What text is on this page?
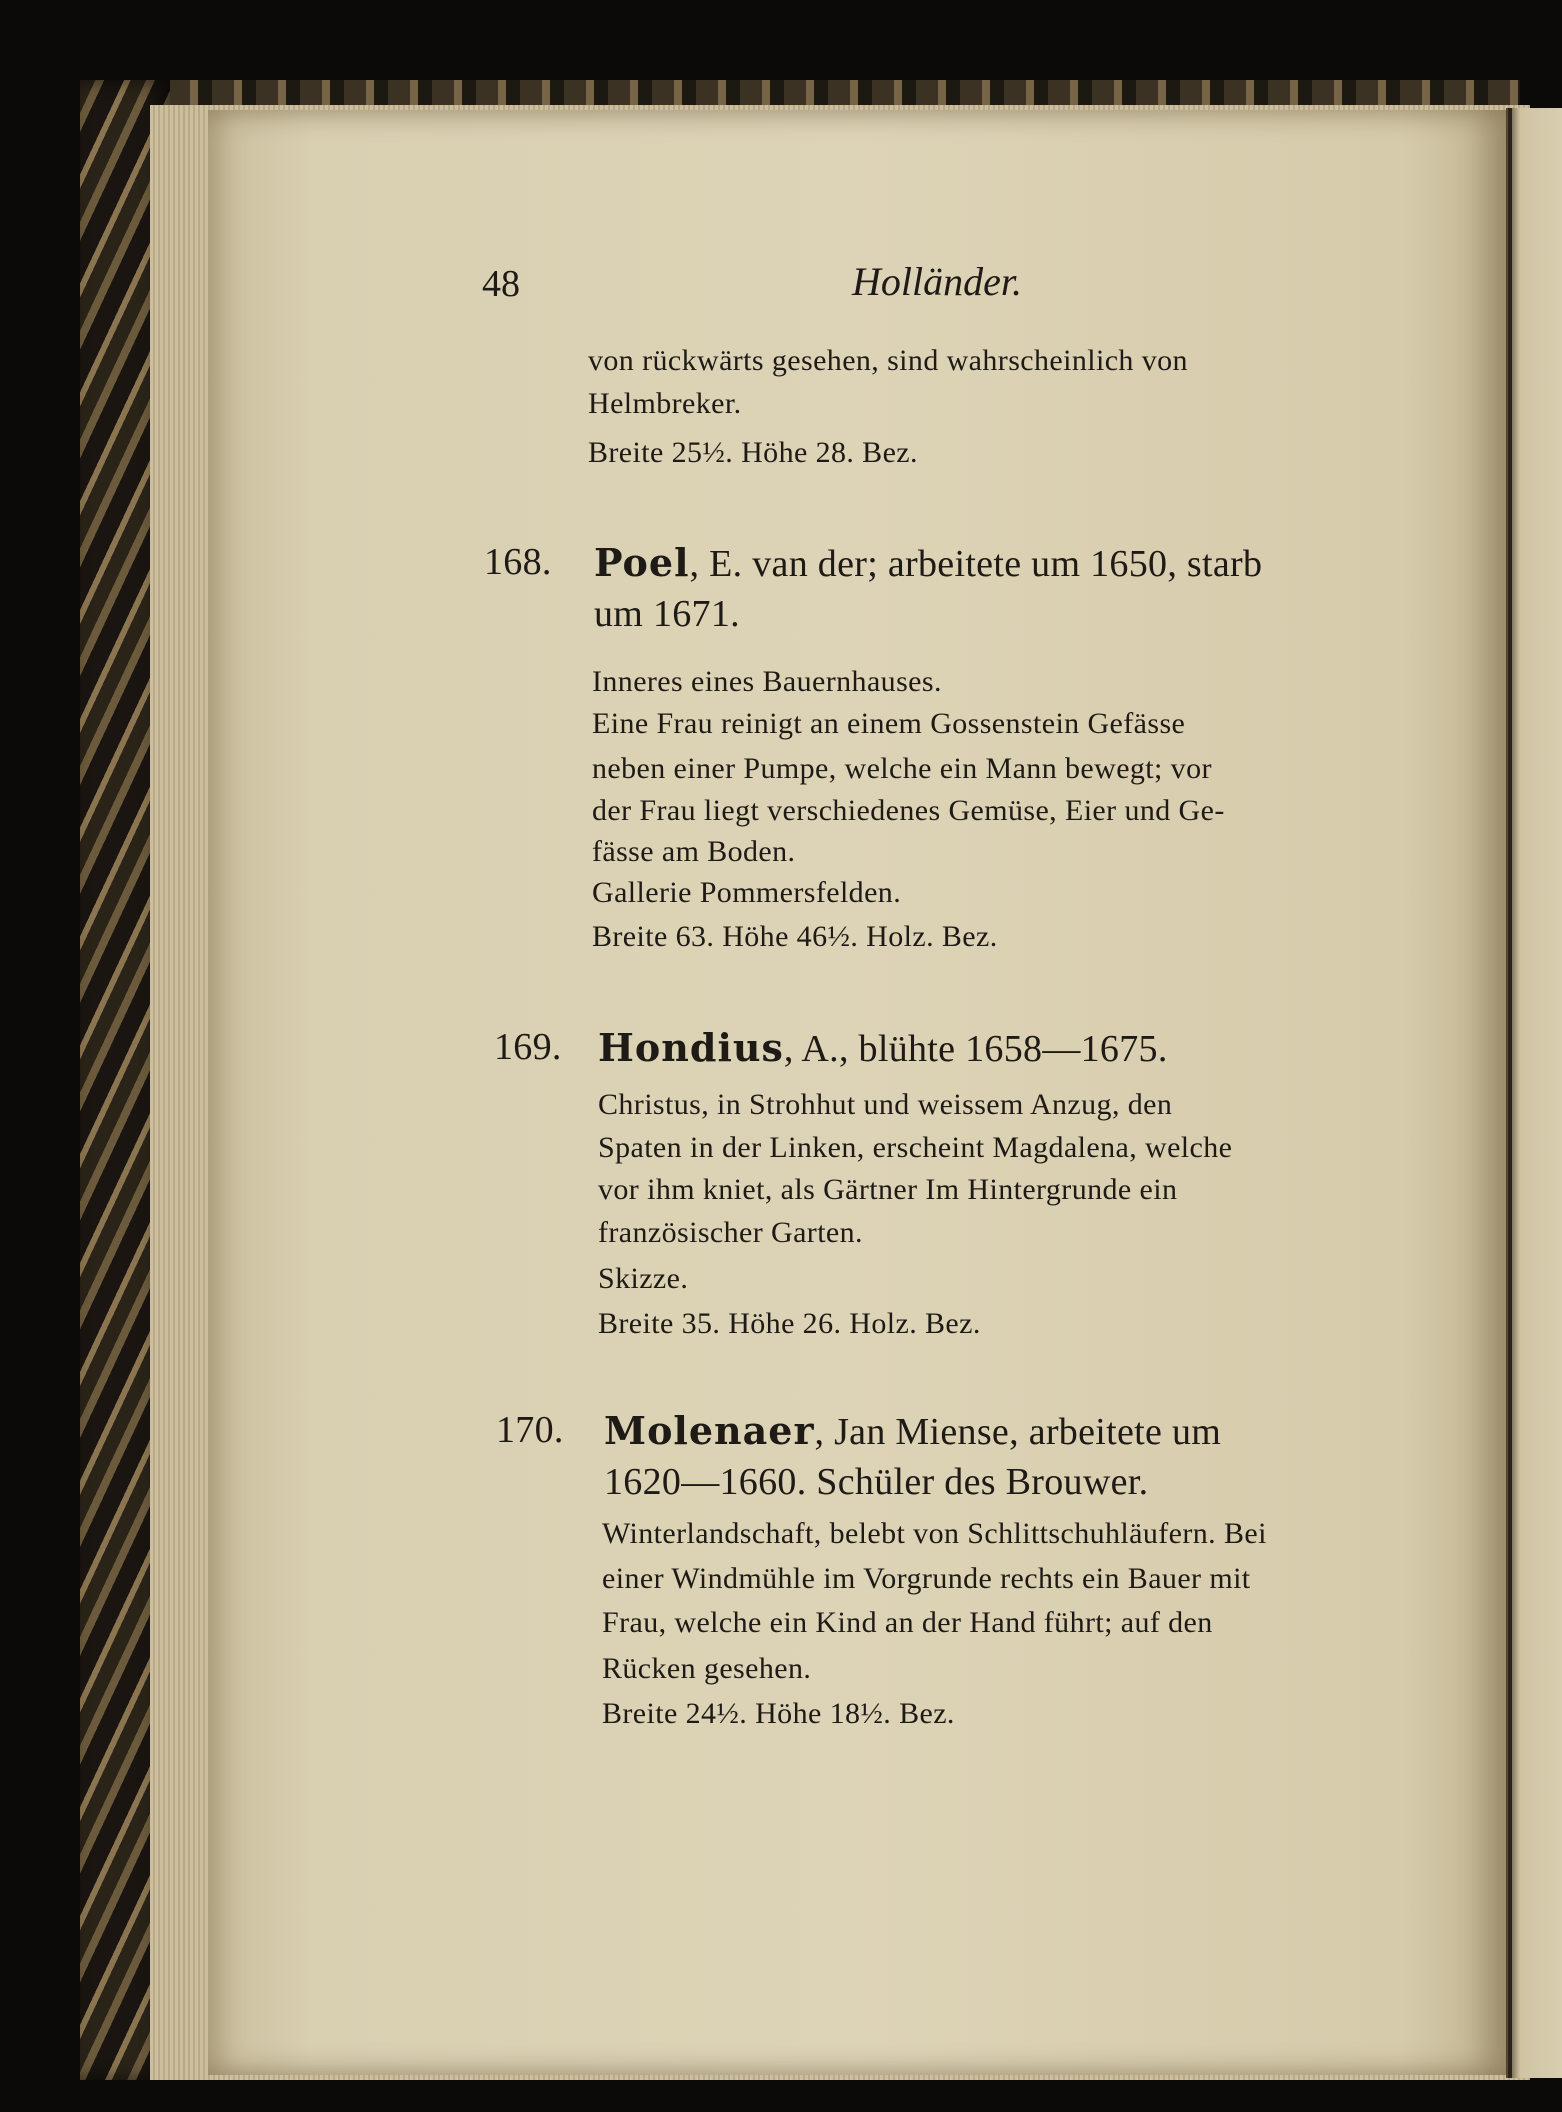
48	Holländer.
von rückwärts gesehen, sind wahrscheinlich von
Helmbreker.
Breite 25½. Höhe 28. Bez.
168. Poel, E. van der; arbeitete um 1650, starb
um 1671.
Inneres eines Bauernhauses.
Eine Frau reinigt an einem Gossenstein Gefässe
neben einer Pumpe, welche ein Mann bewegt; vor
der Frau liegt verschiedenes Gemüse, Eier und Ge-
fässe am Boden.
Gallerie Pommersfelden.
Breite 63. Höhe 46½. Holz. Bez.
169. Hondius, A., blühte 1658—1675.
Christus, in Strohhut und weissem Anzug, den
Spaten in der Linken, erscheint Magdalena, welche
vor ihm kniet, als Gärtner Im Hintergrunde ein
französischer Garten.
Skizze.
Breite 35. Höhe 26. Holz. Bez.
170. Molenaer, Jan Miense, arbeitete um
1620—1660. Schüler des Brouwer.
Winterlandschaft, belebt von Schlittschuhläufern. Bei
einer Windmühle im Vorgrunde rechts ein Bauer mit
Frau, welche ein Kind an der Hand führt; auf den
Rücken gesehen.
Breite 24½. Höhe 18½. Bez.
